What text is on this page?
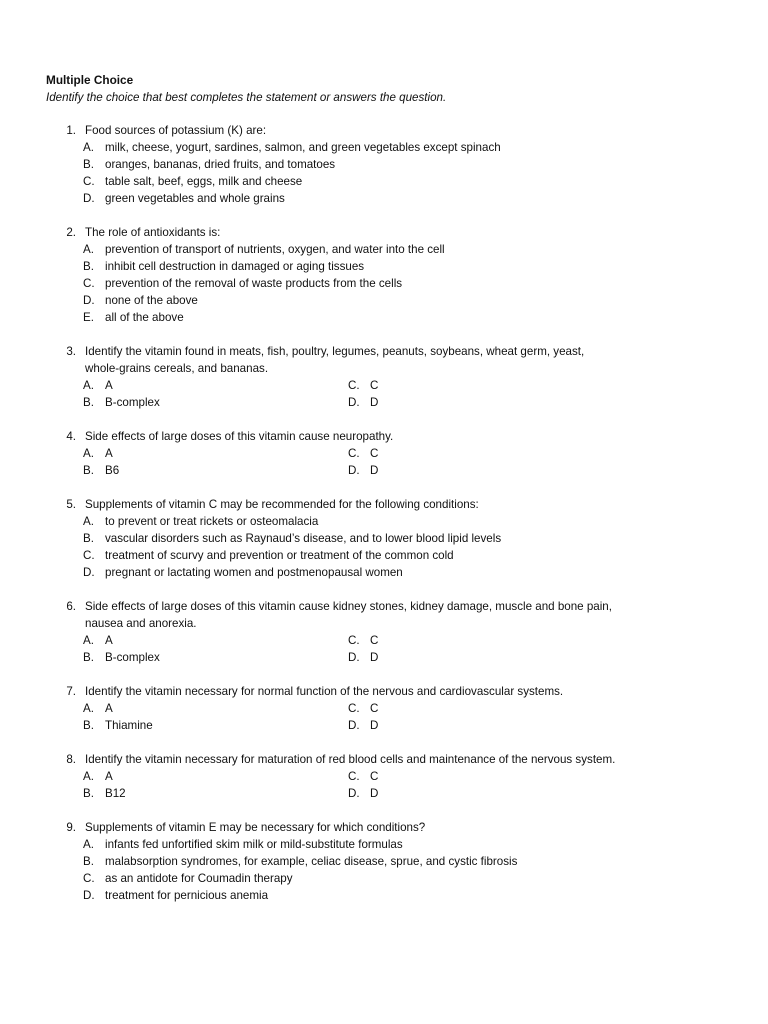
Multiple Choice
Identify the choice that best completes the statement or answers the question.
1. Food sources of potassium (K) are:
A. milk, cheese, yogurt, sardines, salmon, and green vegetables except spinach
B. oranges, bananas, dried fruits, and tomatoes
C. table salt, beef, eggs, milk and cheese
D. green vegetables and whole grains
2. The role of antioxidants is:
A. prevention of transport of nutrients, oxygen, and water into the cell
B. inhibit cell destruction in damaged or aging tissues
C. prevention of the removal of waste products from the cells
D. none of the above
E. all of the above
3. Identify the vitamin found in meats, fish, poultry, legumes, peanuts, soybeans, wheat germ, yeast,
whole-grains cereals, and bananas.
A. A	C. C
B. B-complex	D. D
4. Side effects of large doses of this vitamin cause neuropathy.
A. A	C. C
B. B6	D. D
5. Supplements of vitamin C may be recommended for the following conditions:
A. to prevent or treat rickets or osteomalacia
B. vascular disorders such as Raynaud’s disease, and to lower blood lipid levels
C. treatment of scurvy and prevention or treatment of the common cold
D. pregnant or lactating women and postmenopausal women
6. Side effects of large doses of this vitamin cause kidney stones, kidney damage, muscle and bone pain,
nausea and anorexia.
A. A	C. C
B. B-complex	D. D
7. Identify the vitamin necessary for normal function of the nervous and cardiovascular systems.
A. A	C. C
B. Thiamine	D. D
8. Identify the vitamin necessary for maturation of red blood cells and maintenance of the nervous system.
A. A	C. C
B. B12	D. D
9. Supplements of vitamin E may be necessary for which conditions?
A. infants fed unfortified skim milk or mild-substitute formulas
B. malabsorption syndromes, for example, celiac disease, sprue, and cystic fibrosis
C. as an antidote for Coumadin therapy
D. treatment for pernicious anemia
